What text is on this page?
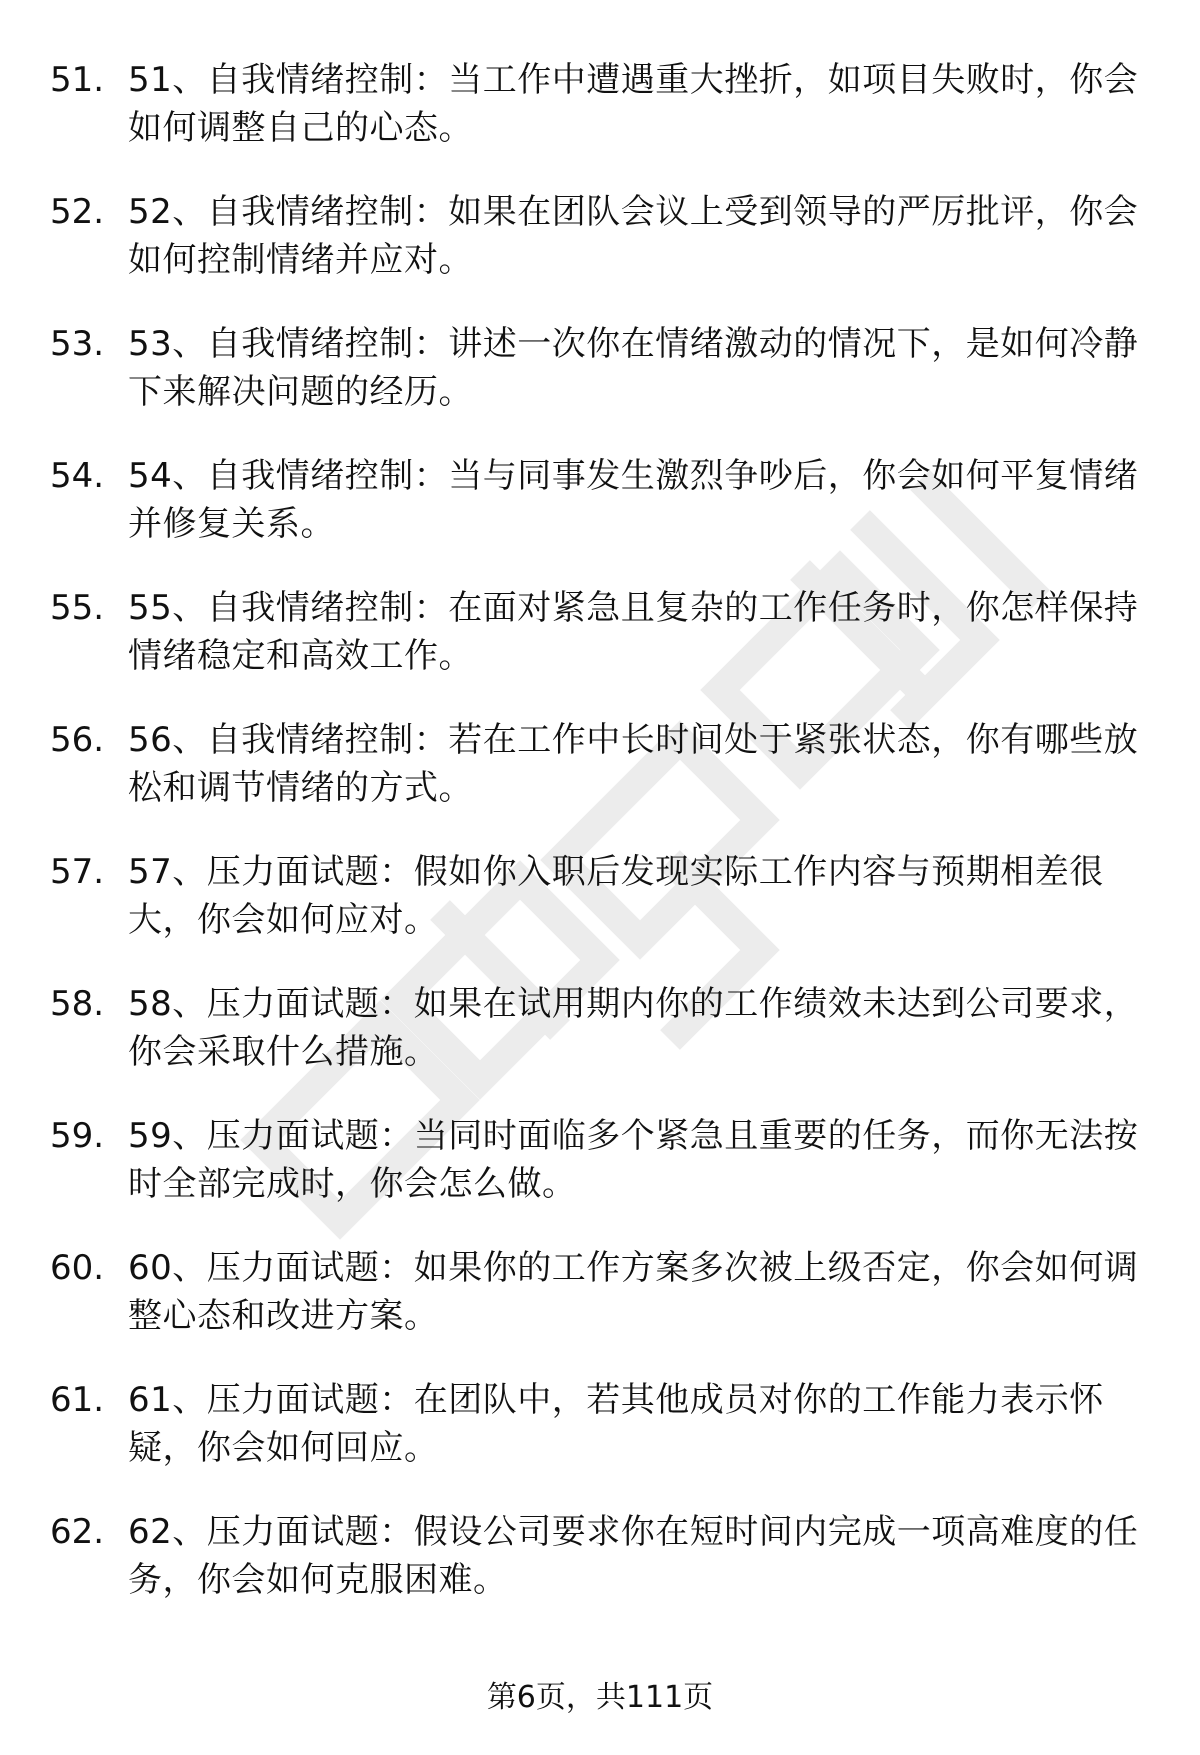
51. 51、自我情绪控制：当工作中遭遇重大挫折，如项目失败时，你会如何调整自己的心态。
52. 52、自我情绪控制：如果在团队会议上受到领导的严厉批评，你会如何控制情绪并应对。
53. 53、自我情绪控制：讲述一次你在情绪激动的情况下，是如何冷静下来解决问题的经历。
54. 54、自我情绪控制：当与同事发生激烈争吵后，你会如何平复情绪并修复关系。
55. 55、自我情绪控制：在面对紧急且复杂的工作任务时，你怎样保持情绪稳定和高效工作。
56. 56、自我情绪控制：若在工作中长时间处于紧张状态，你有哪些放松和调节情绪的方式。
57. 57、压力面试题：假如你入职后发现实际工作内容与预期相差很大，你会如何应对。
58. 58、压力面试题：如果在试用期内你的工作绩效未达到公司要求，你会采取什么措施。
59. 59、压力面试题：当同时面临多个紧急且重要的任务，而你无法按时全部完成时，你会怎么做。
60. 60、压力面试题：如果你的工作方案多次被上级否定，你会如何调整心态和改进方案。
61. 61、压力面试题：在团队中，若其他成员对你的工作能力表示怀疑，你会如何回应。
62. 62、压力面试题：假设公司要求你在短时间内完成一项高难度的任务，你会如何克服困难。
第6页，共111页
